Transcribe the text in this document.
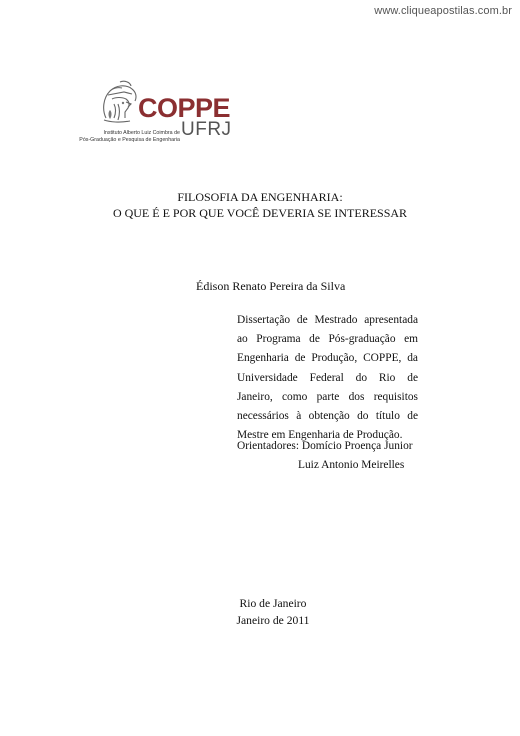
www.cliqueapostilas.com.br
COPPE
UFRJ
Instituto Alberto Luiz Coimbra de
Pós-Graduação e Pesquisa de Engenharia
FILOSOFIA DA ENGENHARIA:
O QUE É E POR QUE VOCÊ DEVERIA SE INTERESSAR
Édison Renato Pereira da Silva
Dissertação de Mestrado apresentada ao Programa de Pós-graduação em Engenharia de Produção, COPPE, da Universidade Federal do Rio de Janeiro, como parte dos requisitos necessários à obtenção do título de Mestre em Engenharia de Produção.
Orientadores: Domício Proença Junior
Luiz Antonio Meirelles
Rio de Janeiro
Janeiro de 2011
